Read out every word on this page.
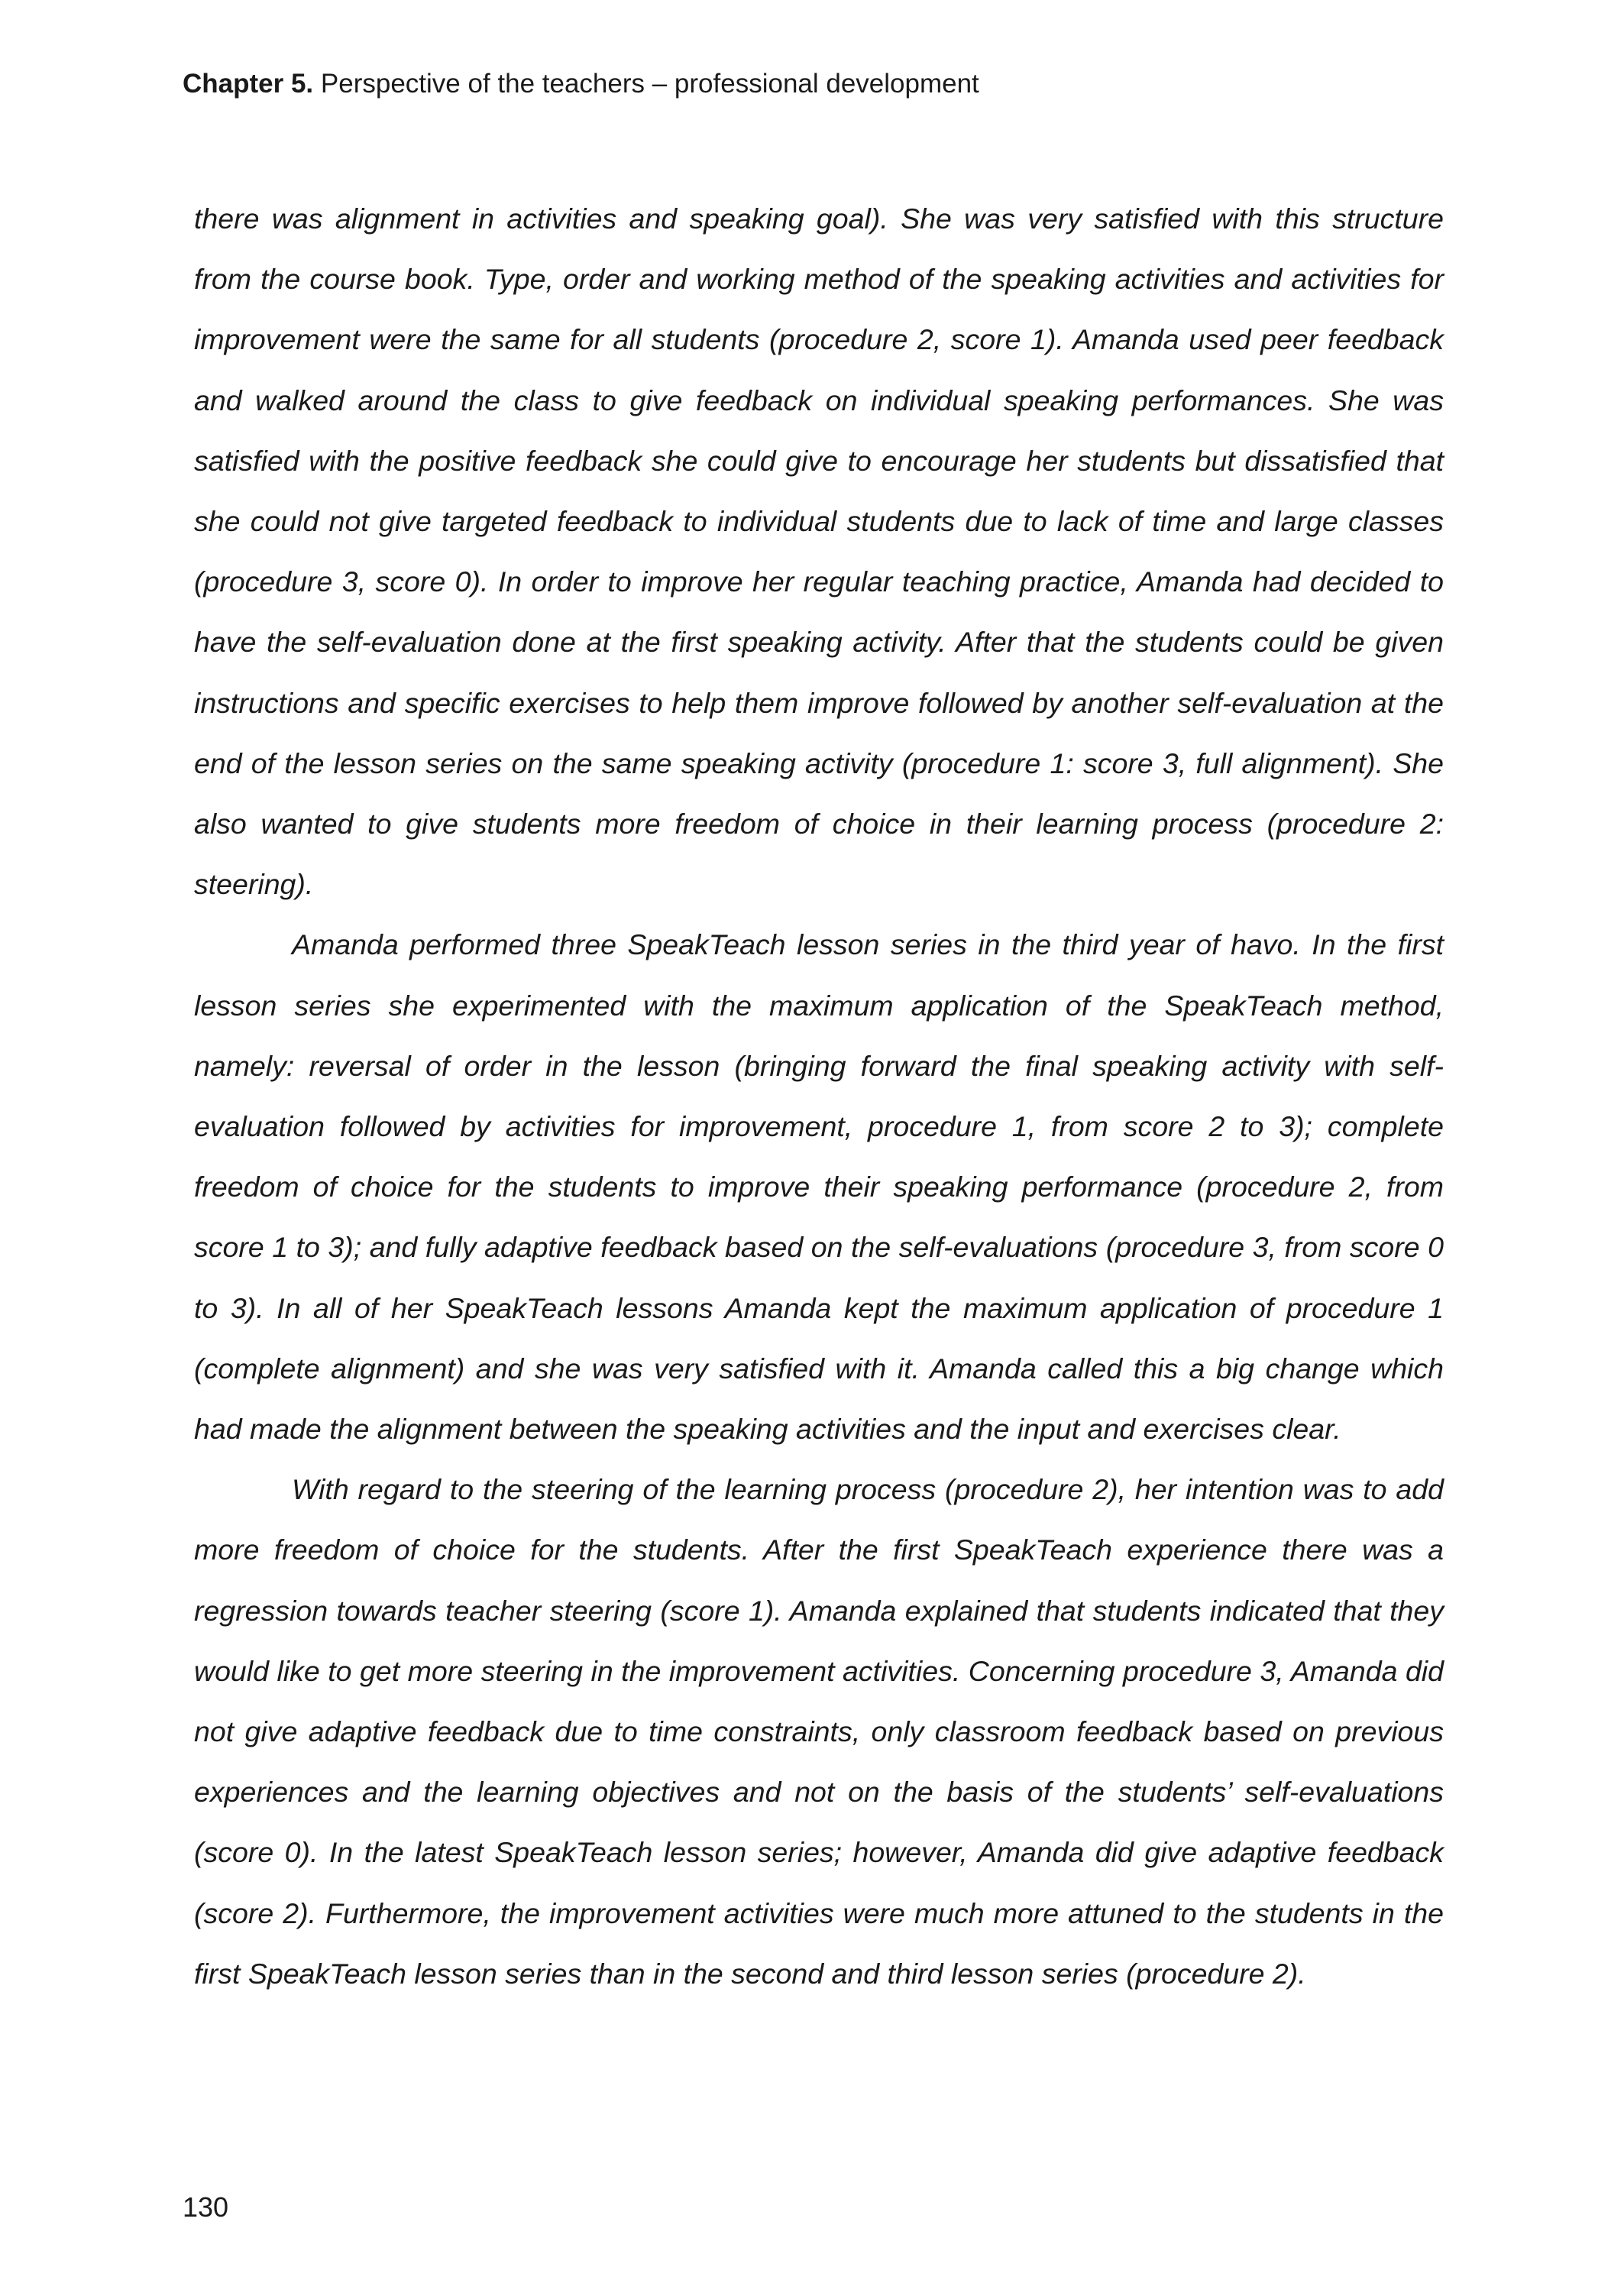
Chapter 5. Perspective of the teachers – professional development

there was alignment in activities and speaking goal). She was very satisfied with this structure from the course book. Type, order and working method of the speaking activities and activities for improvement were the same for all students (procedure 2, score 1). Amanda used peer feedback and walked around the class to give feedback on individual speaking performances. She was satisfied with the positive feedback she could give to encourage her students but dissatisfied that she could not give targeted feedback to individual students due to lack of time and large classes (procedure 3, score 0). In order to improve her regular teaching practice, Amanda had decided to have the self-evaluation done at the first speaking activity. After that the students could be given instructions and specific exercises to help them improve followed by another self-evaluation at the end of the lesson series on the same speaking activity (procedure 1: score 3, full alignment). She also wanted to give students more freedom of choice in their learning process (procedure 2: steering).

Amanda performed three SpeakTeach lesson series in the third year of havo. In the first lesson series she experimented with the maximum application of the SpeakTeach method, namely: reversal of order in the lesson (bringing forward the final speaking activity with self-evaluation followed by activities for improvement, procedure 1, from score 2 to 3); complete freedom of choice for the students to improve their speaking performance (procedure 2, from score 1 to 3); and fully adaptive feedback based on the self-evaluations (procedure 3, from score 0 to 3). In all of her SpeakTeach lessons Amanda kept the maximum application of procedure 1 (complete alignment) and she was very satisfied with it. Amanda called this a big change which had made the alignment between the speaking activities and the input and exercises clear.

With regard to the steering of the learning process (procedure 2), her intention was to add more freedom of choice for the students. After the first SpeakTeach experience there was a regression towards teacher steering (score 1). Amanda explained that students indicated that they would like to get more steering in the improvement activities. Concerning procedure 3, Amanda did not give adaptive feedback due to time constraints, only classroom feedback based on previous experiences and the learning objectives and not on the basis of the students’ self-evaluations (score 0). In the latest SpeakTeach lesson series; however, Amanda did give adaptive feedback (score 2). Furthermore, the improvement activities were much more attuned to the students in the first SpeakTeach lesson series than in the second and third lesson series (procedure 2).

130
